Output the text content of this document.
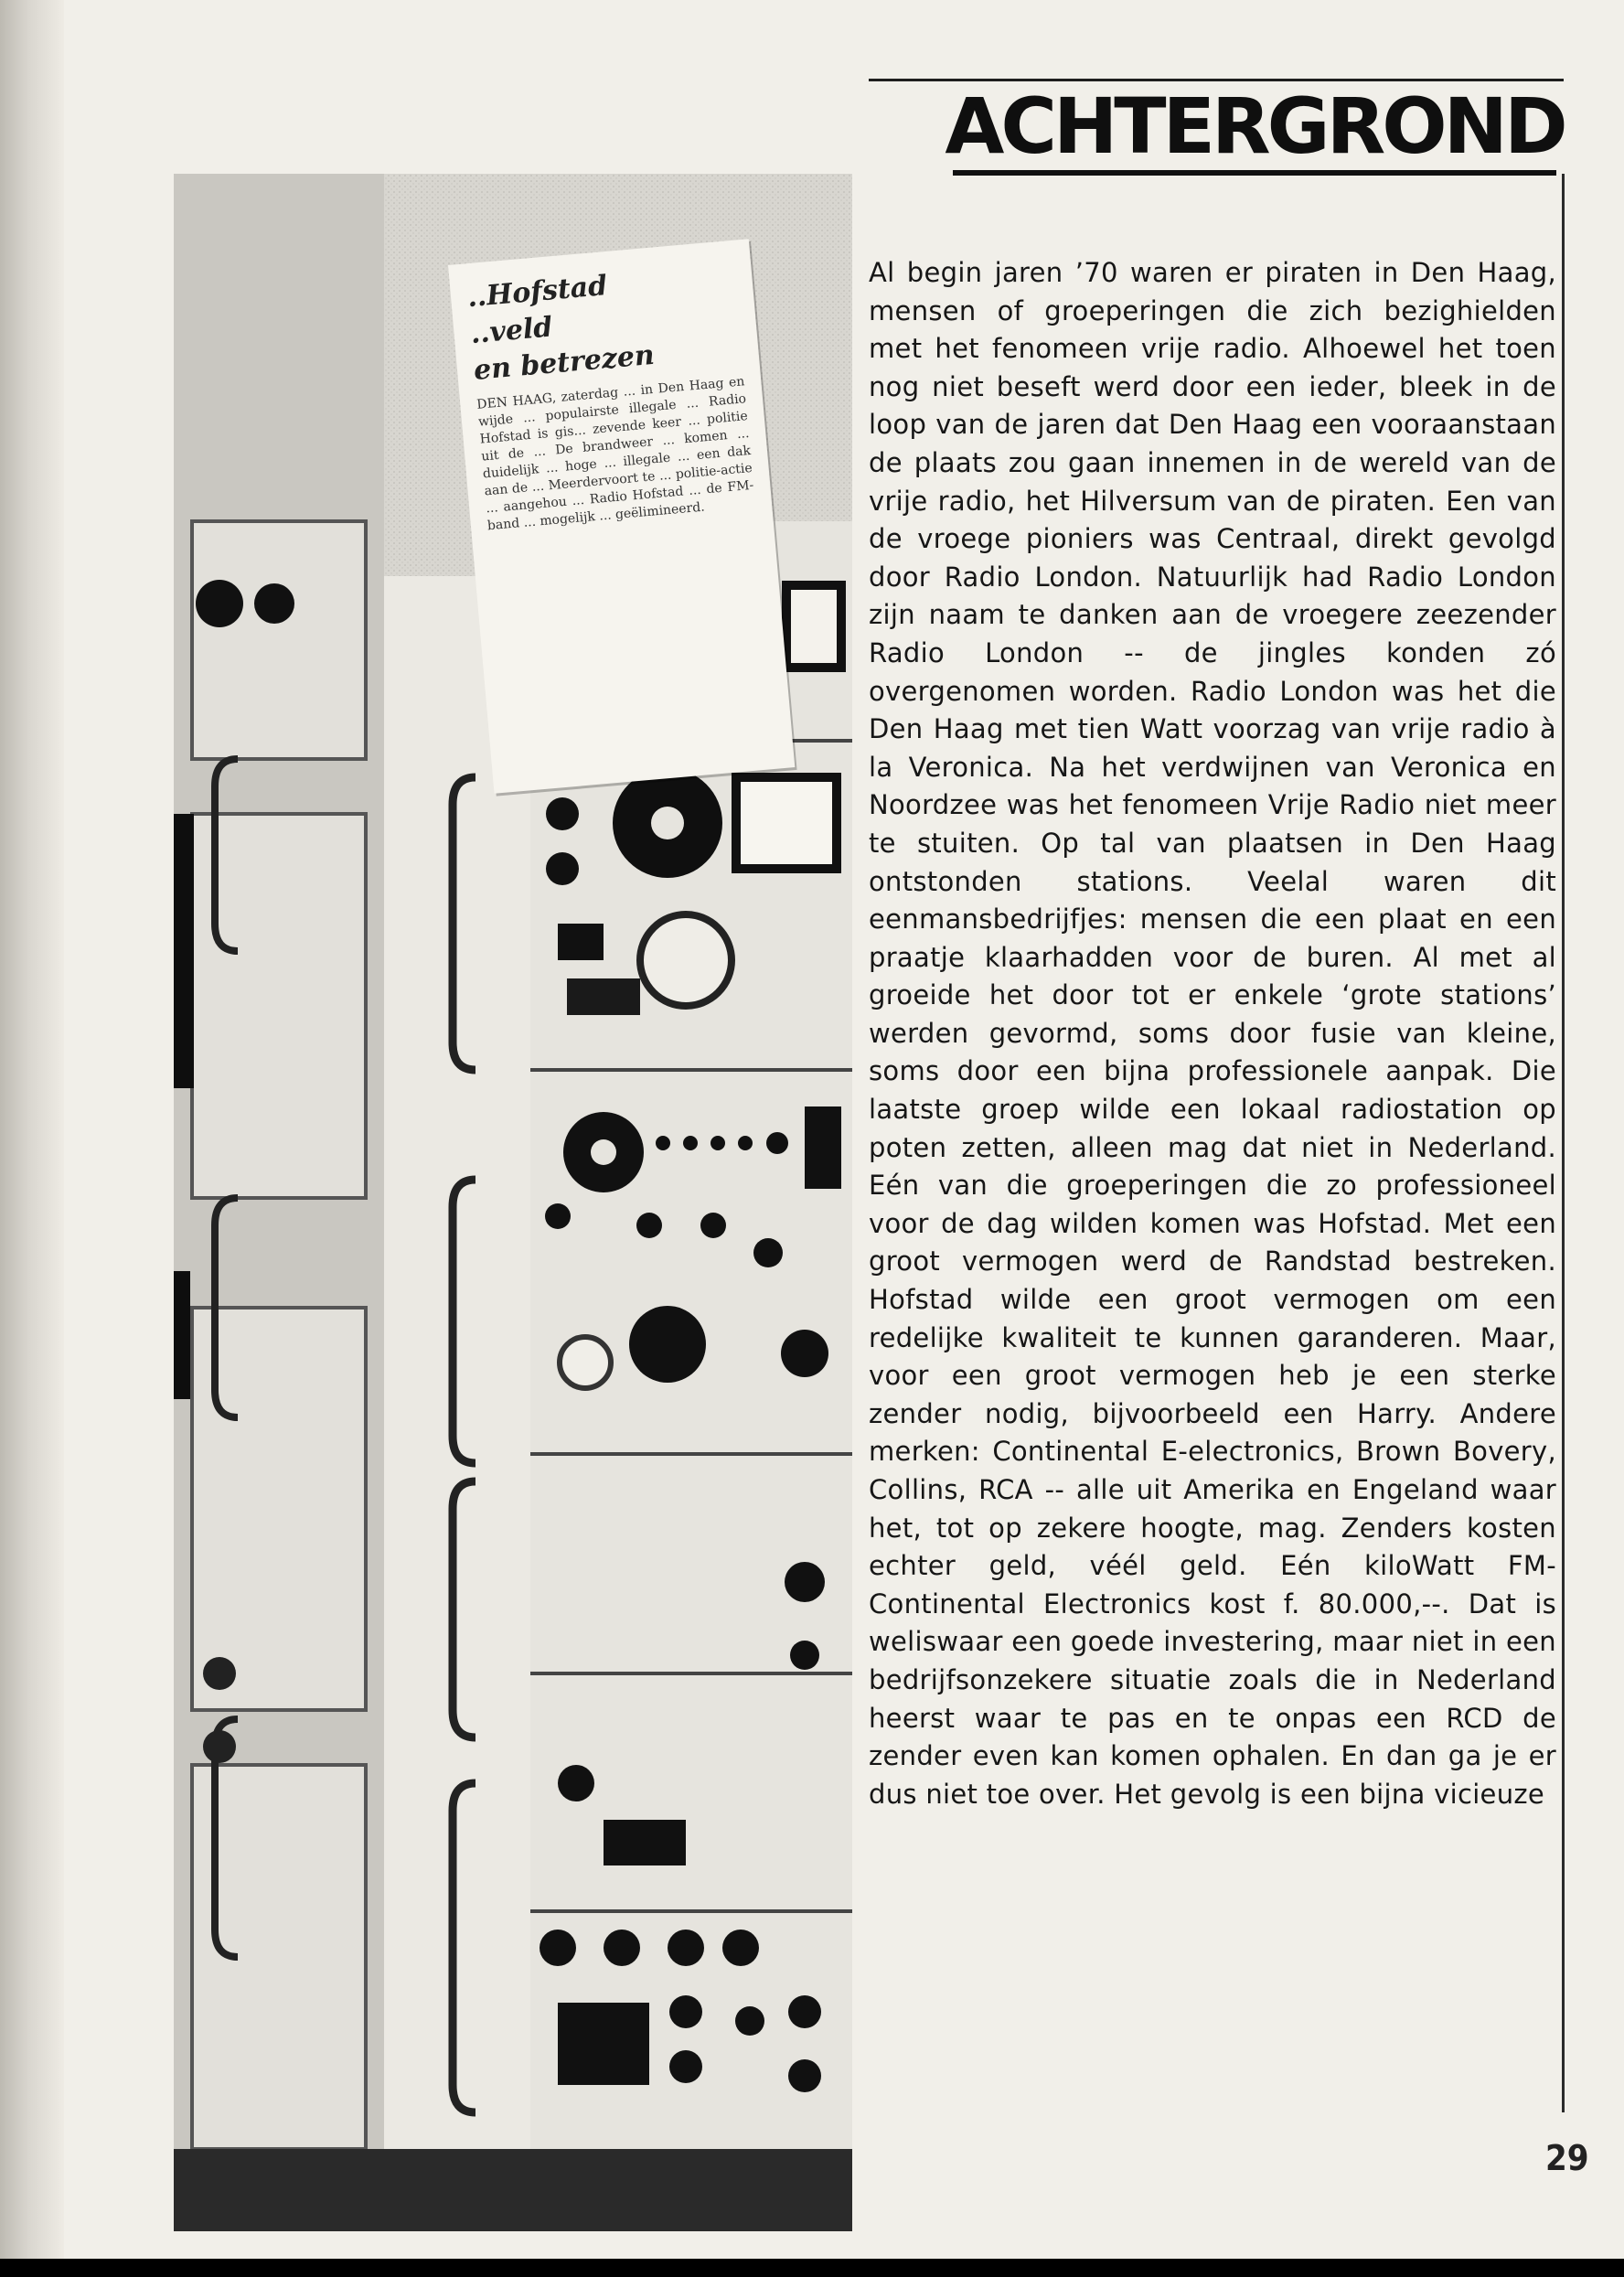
ACHTERGROND

..Hofstad

..veld

en betrezen

DEN HAAG, zaterdag ... in Den Haag en wijde ... populairste illegale ... Radio Hofstad is gis... zevende keer ... politie uit de ... De brandweer ... komen ... duidelijk ... hoge ... illegale ... een dak aan de ... Meerdervoort te ... politie-actie ... aangehou ... Radio Hofstad ... de FM-band ... mogelijk ... geëlimineerd.

Al begin jaren ’70 waren er piraten in Den Haag, mensen of groeperingen die zich bezighielden met het fenomeen vrije radio. Alhoewel het toen nog niet beseft werd door een ieder, bleek in de loop van de jaren dat Den Haag een vooraanstaan de plaats zou gaan innemen in de wereld van de vrije radio, het Hilversum van de piraten. Een van de vroege pioniers was Centraal, direkt gevolgd door Radio London. Natuurlijk had Radio London zijn naam te danken aan de vroegere zeezender Radio London -- de jingles konden zó overgenomen worden. Radio London was het die Den Haag met tien Watt voorzag van vrije radio à la Veronica. Na het verdwijnen van Veronica en Noordzee was het fenomeen Vrije Radio niet meer te stuiten. Op tal van plaatsen in Den Haag ontstonden stations. Veelal waren dit eenmansbedrijfjes: mensen die een plaat en een praatje klaarhadden voor de buren. Al met al groeide het door tot er enkele ‘grote stations’ werden gevormd, soms door fusie van kleine, soms door een bijna professionele aanpak. Die laatste groep wilde een lokaal radiostation op poten zetten, alleen mag dat niet in Nederland. Eén van die groeperingen die zo professioneel voor de dag wilden komen was Hofstad. Met een groot vermogen werd de Randstad bestreken. Hofstad wilde een groot vermogen om een redelijke kwaliteit te kunnen garanderen. Maar, voor een groot vermogen heb je een sterke zender nodig, bijvoorbeeld een Harry. Andere merken: Continental E-electronics, Brown Bovery, Collins, RCA -- alle uit Amerika en Engeland waar het, tot op zekere hoogte, mag. Zenders kosten echter geld, véél geld. Eén kiloWatt FM-Continental Electronics kost f. 80.000,--. Dat is weliswaar een goede investering, maar niet in een bedrijfsonzekere situatie zoals die in Nederland heerst waar te pas en te onpas een RCD de zender even kan komen ophalen. En dan ga je er dus niet toe over. Het gevolg is een bijna vicieuze

29
